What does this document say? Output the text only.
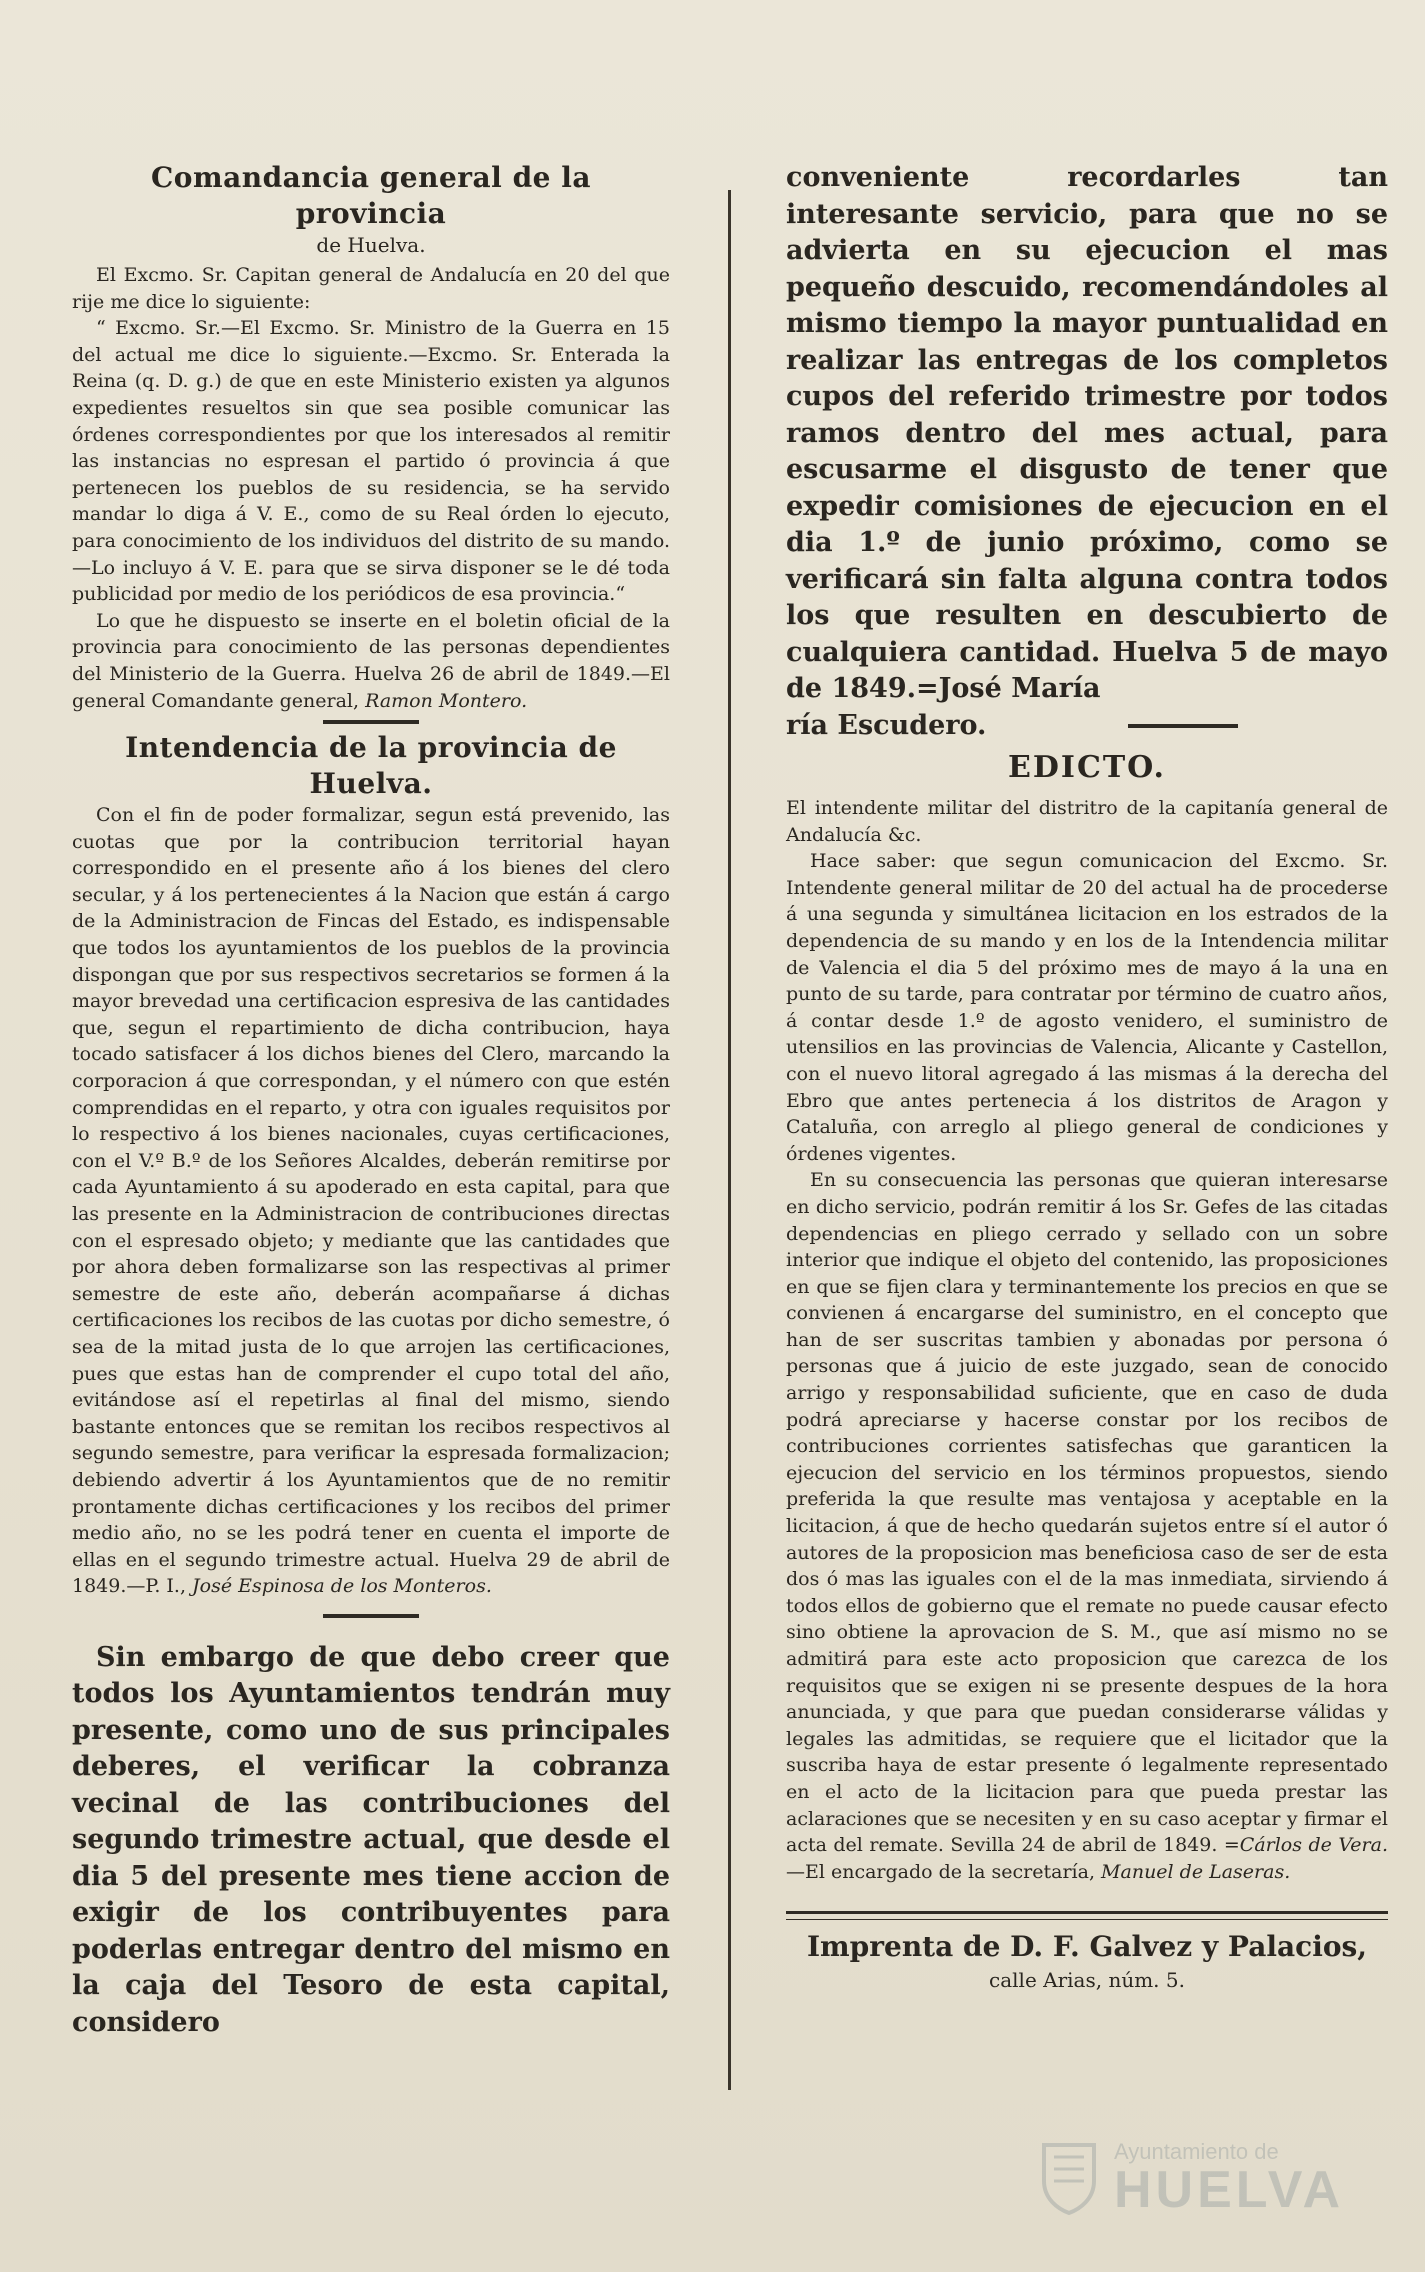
Comandancia general de la provincia
de Huelva.

El Excmo. Sr. Capitan general de Andalucía en 20 del que rije me dice lo siguiente:

“ Excmo. Sr.—El Excmo. Sr. Ministro de la Guerra en 15 del actual me dice lo siguiente.—Excmo. Sr. Enterada la Reina (q. D. g.) de que en este Ministerio existen ya algunos expedientes resueltos sin que sea posible comunicar las órdenes correspondientes por que los interesados al remitir las instancias no espresan el partido ó provincia á que pertenecen los pueblos de su residencia, se ha servido mandar lo diga á V. E., como de su Real órden lo ejecuto, para conocimiento de los individuos del distrito de su mando.—Lo incluyo á V. E. para que se sirva disponer se le dé toda publicidad por medio de los periódicos de esa provincia.“

Lo que he dispuesto se inserte en el boletin oficial de la provincia para conocimiento de las personas dependientes del Ministerio de la Guerra. Huelva 26 de abril de 1849.—El general Comandante general, Ramon Montero.

Intendencia de la provincia de Huelva.

Con el fin de poder formalizar, segun está prevenido, las cuotas que por la contribucion territorial hayan correspondido en el presente año á los bienes del clero secular, y á los pertenecientes á la Nacion que están á cargo de la Administracion de Fincas del Estado, es indispensable que todos los ayuntamientos de los pueblos de la provincia dispongan que por sus respectivos secretarios se formen á la mayor brevedad una certificacion espresiva de las cantidades que, segun el repartimiento de dicha contribucion, haya tocado satisfacer á los dichos bienes del Clero, marcando la corporacion á que correspondan, y el número con que estén comprendidas en el reparto, y otra con iguales requisitos por lo respectivo á los bienes nacionales, cuyas certificaciones, con el V.º B.º de los Señores Alcaldes, deberán remitirse por cada Ayuntamiento á su apoderado en esta capital, para que las presente en la Administracion de contribuciones directas con el espresado objeto; y mediante que las cantidades que por ahora deben formalizarse son las respectivas al primer semestre de este año, deberán acompañarse á dichas certificaciones los recibos de las cuotas por dicho semestre, ó sea de la mitad justa de lo que arrojen las certificaciones, pues que estas han de comprender el cupo total del año, evitándose así el repetirlas al final del mismo, siendo bastante entonces que se remitan los recibos respectivos al segundo semestre, para verificar la espresada formalizacion; debiendo advertir á los Ayuntamientos que de no remitir prontamente dichas certificaciones y los recibos del primer medio año, no se les podrá tener en cuenta el importe de ellas en el segundo trimestre actual. Huelva 29 de abril de 1849.—P. I., José Espinosa de los Monteros.

Sin embargo de que debo creer que todos los Ayuntamientos tendrán muy presente, como uno de sus principales deberes, el verificar la cobranza vecinal de las contribuciones del segundo trimestre actual, que desde el dia 5 del presente mes tiene accion de exigir de los contribuyentes para poderlas entregar dentro del mismo en la caja del Tesoro de esta capital, considero

conveniente recordarles tan interesante servicio, para que no se advierta en su ejecucion el mas pequeño descuido, recomendándoles al mismo tiempo la mayor puntualidad en realizar las entregas de los completos cupos del referido trimestre por todos ramos dentro del mes actual, para escusarme el disgusto de tener que expedir comisiones de ejecucion en el dia 1.º de junio próximo, como se verificará sin falta alguna contra todos los que resulten en descubierto de cualquiera cantidad. Huelva 5 de mayo de 1849.=José María

ría Escudero.
EDICTO.

El intendente militar del distritro de la capitanía general de Andalucía &c.

Hace saber: que segun comunicacion del Excmo. Sr. Intendente general militar de 20 del actual ha de procederse á una segunda y simultánea licitacion en los estrados de la dependencia de su mando y en los de la Intendencia militar de Valencia el dia 5 del próximo mes de mayo á la una en punto de su tarde, para contratar por término de cuatro años, á contar desde 1.º de agosto venidero, el suministro de utensilios en las provincias de Valencia, Alicante y Castellon, con el nuevo litoral agregado á las mismas á la derecha del Ebro que antes pertenecia á los distritos de Aragon y Cataluña, con arreglo al pliego general de condiciones y órdenes vigentes.

En su consecuencia las personas que quieran interesarse en dicho servicio, podrán remitir á los Sr. Gefes de las citadas dependencias en pliego cerrado y sellado con un sobre interior que indique el objeto del contenido, las proposiciones en que se fijen clara y terminantemente los precios en que se convienen á encargarse del suministro, en el concepto que han de ser suscritas tambien y abonadas por persona ó personas que á juicio de este juzgado, sean de conocido arrigo y responsabilidad suficiente, que en caso de duda podrá apreciarse y hacerse constar por los recibos de contribuciones corrientes satisfechas que garanticen la ejecucion del servicio en los términos propuestos, siendo preferida la que resulte mas ventajosa y aceptable en la licitacion, á que de hecho quedarán sujetos entre sí el autor ó autores de la proposicion mas beneficiosa caso de ser de esta dos ó mas las iguales con el de la mas inmediata, sirviendo á todos ellos de gobierno que el remate no puede causar efecto sino obtiene la aprovacion de S. M., que así mismo no se admitirá para este acto proposicion que carezca de los requisitos que se exigen ni se presente despues de la hora anunciada, y que para que puedan considerarse válidas y legales las admitidas, se requiere que el licitador que la suscriba haya de estar presente ó legalmente representado en el acto de la licitacion para que pueda prestar las aclaraciones que se necesiten y en su caso aceptar y firmar el acta del remate. Sevilla 24 de abril de 1849. =Cárlos de Vera. —El encargado de la secretaría, Manuel de Laseras.

Imprenta de D. F. Galvez y Palacios,
calle Arias, núm. 5.
Ayuntamiento de
HUELVA
